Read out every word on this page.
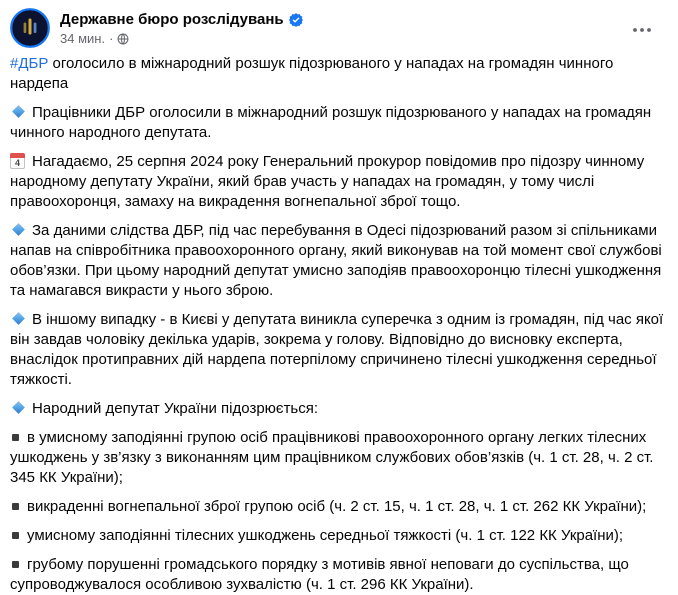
Державне бюро розслідувань
34 мин. ·

#ДБР оголосило в міжнародний розшук підозрюваного у нападах на громадян чинного нардепа

Працівники ДБР оголосили в міжнародний розшук підозрюваного у нападах на громадян чинного народного депутата.

4 Нагадаємо, 25 серпня 2024 року Генеральний прокурор повідомив про підозру чинному народному депутату України, який брав участь у нападах на громадян, у тому числі правоохоронця, замаху на викрадення вогнепальної зброї тощо.

За даними слідства ДБР, під час перебування в Одесі підозрюваний разом зі спільниками напав на співробітника правоохоронного органу, який виконував на той момент свої службові обов’язки. При цьому народний депутат умисно заподіяв правоохоронцю тілесні ушкодження та намагався викрасти у нього зброю.

В іншому випадку - в Києві у депутата виникла суперечка з одним із громадян, під час якої він завдав чоловіку декілька ударів, зокрема у голову. Відповідно до висновку експерта, внаслідок протиправних дій нардепа потерпілому спричинено тілесні ушкодження середньої тяжкості.

Народний депутат України підозрюється:

в умисному заподіянні групою осіб працівникові правоохоронного органу легких тілесних ушкоджень у зв’язку з виконанням цим працівником службових обов’язків (ч. 1 ст. 28, ч. 2 ст. 345 КК України);

викраденні вогнепальної зброї групою осіб (ч. 2 ст. 15, ч. 1 ст. 28, ч. 1 ст. 262 КК України);

умисному заподіянні тілесних ушкоджень середньої тяжкості (ч. 1 ст. 122 КК України);

грубому порушенні громадського порядку з мотивів явної неповаги до суспільства, що супроводжувалося особливою зухвалістю (ч. 1 ст. 296 КК України).
